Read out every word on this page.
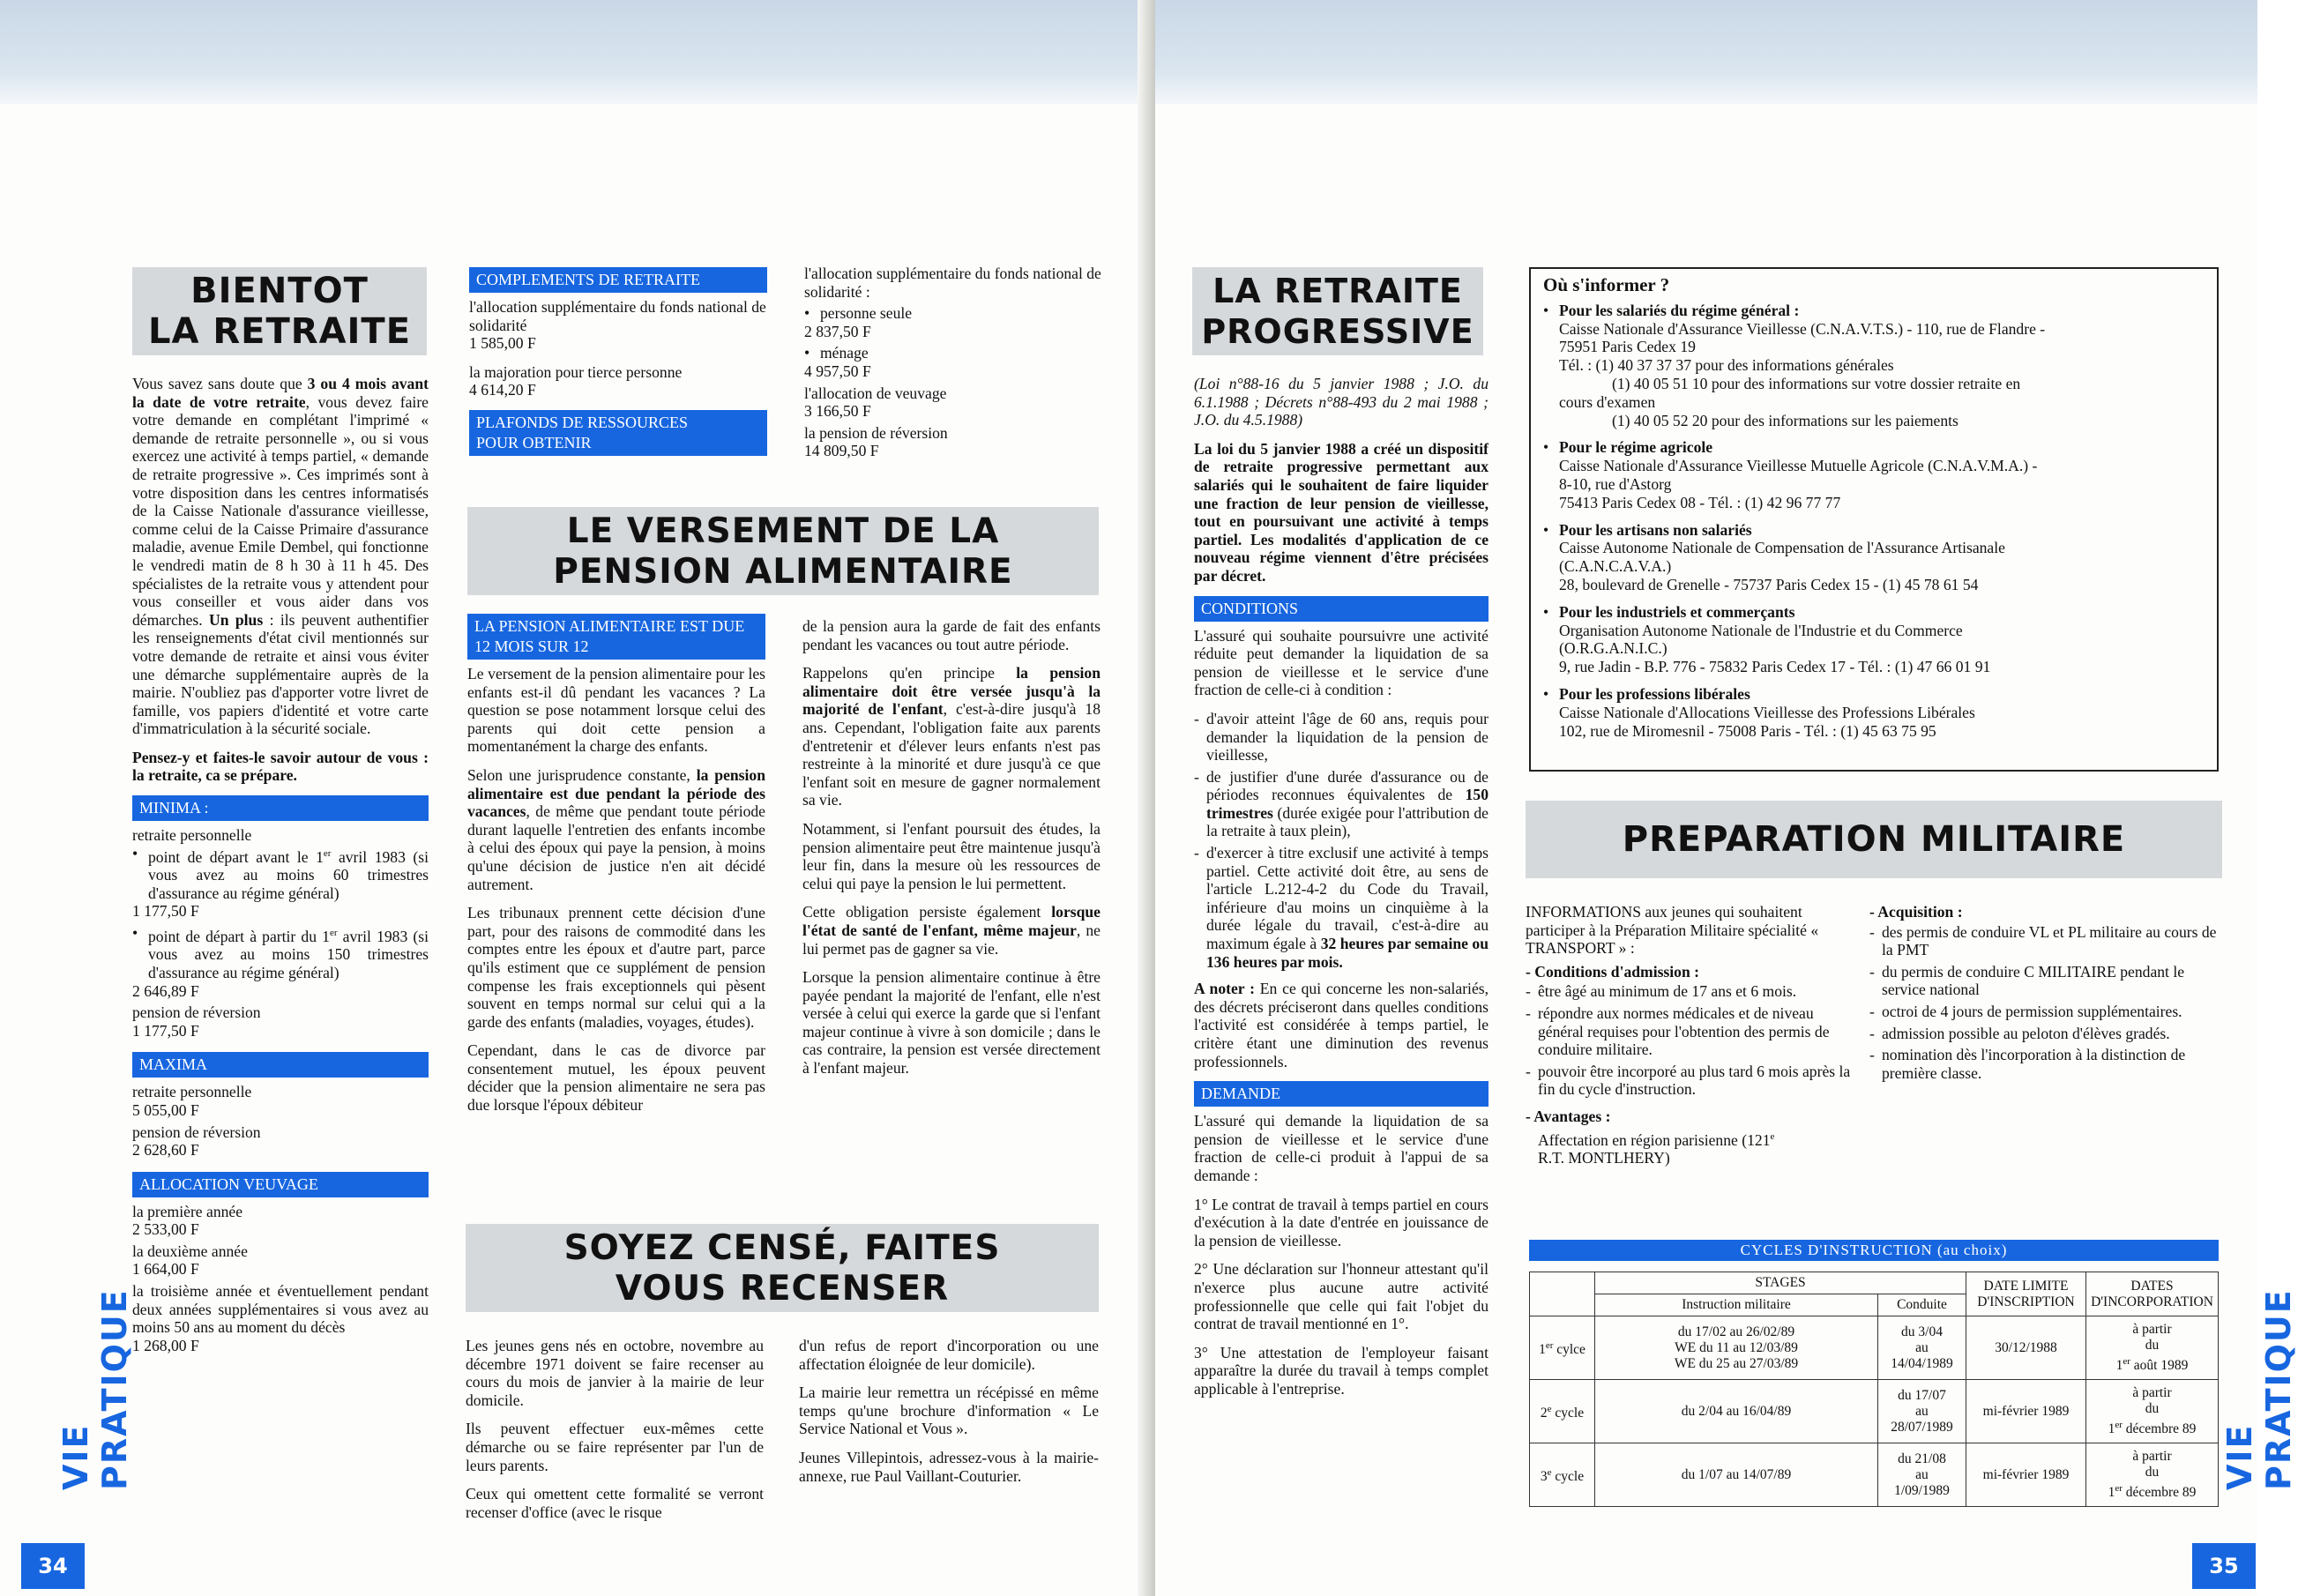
BIENTOT
LA RETRAITE

Vous savez sans doute que 3 ou 4 mois avant la date de votre retraite, vous devez faire votre demande en complétant l'imprimé « demande de retraite personnelle », ou si vous exercez une activité à temps partiel, « demande de retraite progressive ». Ces imprimés sont à votre disposition dans les centres informatisés de la Caisse Nationale d'assurance vieillesse, comme celui de la Caisse Primaire d'assurance maladie, avenue Emile Dembel, qui fonctionne le vendredi matin de 8 h 30 à 11 h 45. Des spécialistes de la retraite vous y attendent pour vous conseiller et vous aider dans vos démarches. Un plus : ils peuvent authentifier les renseignements d'état civil mentionnés sur votre demande de retraite et ainsi vous éviter une démarche supplémentaire auprès de la mairie. N'oubliez pas d'apporter votre livret de famille, vos papiers d'identité et votre carte d'immatriculation à la sécurité sociale.

Pensez-y et faites-le savoir autour de vous : la retraite, ca se prépare.

MINIMA :
retraite personnelle
• point de départ avant le 1er avril 1983 (si vous avez au moins 60 trimestres d'assurance au régime général)
1 177,50 F
• point de départ à partir du 1er avril 1983 (si vous avez au moins 150 trimestres d'assurance au régime général)
2 646,89 F
pension de réversion
1 177,50 F
MAXIMA
retraite personnelle
5 055,00 F
pension de réversion
2 628,60 F
ALLOCATION VEUVAGE
la première année
2 533,00 F
la deuxième année
1 664,00 F
la troisième année et éventuellement pendant deux années supplémentaires si vous avez au moins 50 ans au moment du décès
1 268,00 F
COMPLEMENTS DE RETRAITE

l'allocation supplémentaire du fonds national de solidarité
1 585,00 F

la majoration pour tierce personne
4 614,20 F

PLAFONDS DE RESSOURCES
POUR OBTENIR
l'allocation supplémentaire du fonds national de solidarité :
• personne seule
2 837,50 F
• ménage
4 957,50 F
l'allocation de veuvage
3 166,50 F
la pension de réversion
14 809,50 F
LE VERSEMENT DE LA
PENSION ALIMENTAIRE
LA PENSION ALIMENTAIRE EST DUE
12 MOIS SUR 12

Le versement de la pension alimentaire pour les enfants est-il dû pendant les vacances ? La question se pose notamment lorsque celui des parents qui doit cette pension a momentanément la charge des enfants.

Selon une jurisprudence constante, la pension alimentaire est due pendant la période des vacances, de même que pendant toute période durant laquelle l'entretien des enfants incombe à celui des époux qui paye la pension, à moins qu'une décision de justice n'en ait décidé autrement.

Les tribunaux prennent cette décision d'une part, pour des raisons de commodité dans les comptes entre les époux et d'autre part, parce qu'ils estiment que ce supplément de pension compense les frais exceptionnels qui pèsent souvent en temps normal sur celui qui a la garde des enfants (maladies, voyages, études).

Cependant, dans le cas de divorce par consentement mutuel, les époux peuvent décider que la pension alimentaire ne sera pas due lorsque l'époux débiteur

de la pension aura la garde de fait des enfants pendant les vacances ou tout autre période.

Rappelons qu'en principe la pension alimentaire doit être versée jusqu'à la majorité de l'enfant, c'est-à-dire jusqu'à 18 ans. Cependant, l'obligation faite aux parents d'entretenir et d'élever leurs enfants n'est pas restreinte à la minorité et dure jusqu'à ce que l'enfant soit en mesure de gagner normalement sa vie.

Notamment, si l'enfant poursuit des études, la pension alimentaire peut être maintenue jusqu'à leur fin, dans la mesure où les ressources de celui qui paye la pension le lui permettent.

Cette obligation persiste également lorsque l'état de santé de l'enfant, même majeur, ne lui permet pas de gagner sa vie.

Lorsque la pension alimentaire continue à être payée pendant la majorité de l'enfant, elle n'est versée à celui qui exerce la garde que si l'enfant majeur continue à vivre à son domicile ; dans le cas contraire, la pension est versée directement à l'enfant majeur.

SOYEZ CENSÉ, FAITES
VOUS RECENSER

Les jeunes gens nés en octobre, novembre au décembre 1971 doivent se faire recenser au cours du mois de janvier à la mairie de leur domicile.

Ils peuvent effectuer eux-mêmes cette démarche ou se faire représenter par l'un de leurs parents.

Ceux qui omettent cette formalité se verront recenser d'office (avec le risque

d'un refus de report d'incorporation ou une affectation éloignée de leur domicile).

La mairie leur remettra un récépissé en même temps qu'une brochure d'information « Le Service National et Vous ».

Jeunes Villepintois, adressez-vous à la mairie-annexe, rue Paul Vaillant-Couturier.

VIE PRATIQUE
34
LA RETRAITE
PROGRESSIVE

(Loi n°88-16 du 5 janvier 1988 ; J.O. du 6.1.1988 ; Décrets n°88-493 du 2 mai 1988 ; J.O. du 4.5.1988)

La loi du 5 janvier 1988 a créé un dispositif de retraite progressive permettant aux salariés qui le souhaitent de faire liquider une fraction de leur pension de vieillesse, tout en poursuivant une activité à temps partiel. Les modalités d'application de ce nouveau régime viennent d'être précisées par décret.

CONDITIONS

L'assuré qui souhaite poursuivre une activité réduite peut demander la liquidation de sa pension de vieillesse et le service d'une fraction de celle-ci à condition :

- d'avoir atteint l'âge de 60 ans, requis pour demander la liquidation de la pension de vieillesse,
- de justifier d'une durée d'assurance ou de périodes reconnues équivalentes de 150 trimestres (durée exigée pour l'attribution de la retraite à taux plein),
- d'exercer à titre exclusif une activité à temps partiel. Cette activité doit être, au sens de l'article L.212-4-2 du Code du Travail, inférieure d'au moins un cinquième à la durée légale du travail, c'est-à-dire au maximum égale à 32 heures par semaine ou 136 heures par mois.

A noter : En ce qui concerne les non-salariés, des décrets préciseront dans quelles conditions l'activité est considérée à temps partiel, le critère étant une diminution des revenus professionnels.

DEMANDE

L'assuré qui demande la liquidation de sa pension de vieillesse et le service d'une fraction de celle-ci produit à l'appui de sa demande :

1° Le contrat de travail à temps partiel en cours d'exécution à la date d'entrée en jouissance de la pension de vieillesse.

2° Une déclaration sur l'honneur attestant qu'il n'exerce plus aucune autre activité professionnelle que celle qui fait l'objet du contrat de travail mentionné en 1°.

3° Une attestation de l'employeur faisant apparaître la durée du travail à temps complet applicable à l'entreprise.

Où s'informer ?
• Pour les salariés du régime général :
Caisse Nationale d'Assurance Vieillesse (C.N.A.V.T.S.) - 110, rue de Flandre -
75951 Paris Cedex 19
Tél. : (1) 40 37 37 37 pour des informations générales
(1) 40 05 51 10 pour des informations sur votre dossier retraite en
cours d'examen
(1) 40 05 52 20 pour des informations sur les paiements
• Pour le régime agricole
Caisse Nationale d'Assurance Vieillesse Mutuelle Agricole (C.N.A.V.M.A.) -
8-10, rue d'Astorg
75413 Paris Cedex 08 - Tél. : (1) 42 96 77 77
• Pour les artisans non salariés
Caisse Autonome Nationale de Compensation de l'Assurance Artisanale
(C.A.N.C.A.V.A.)
28, boulevard de Grenelle - 75737 Paris Cedex 15 - (1) 45 78 61 54
• Pour les industriels et commerçants
Organisation Autonome Nationale de l'Industrie et du Commerce
(O.R.G.A.N.I.C.)
9, rue Jadin - B.P. 776 - 75832 Paris Cedex 17 - Tél. : (1) 47 66 01 91
• Pour les professions libérales
Caisse Nationale d'Allocations Vieillesse des Professions Libérales
102, rue de Miromesnil - 75008 Paris - Tél. : (1) 45 63 75 95
PREPARATION MILITAIRE

INFORMATIONS aux jeunes qui souhaitent participer à la Préparation Militaire spécialité « TRANSPORT » :

- Conditions d'admission :
- être âgé au minimum de 17 ans et 6 mois.
- répondre aux normes médicales et de niveau général requises pour l'obtention des permis de conduire militaire.
- pouvoir être incorporé au plus tard 6 mois après la fin du cycle d'instruction.
- Avantages :
Affectation en région parisienne (121e
R.T. MONTLHERY)
- Acquisition :
- des permis de conduire VL et PL militaire au cours de la PMT
- du permis de conduire C MILITAIRE pendant le service national
- octroi de 4 jours de permission supplémentaires.
- admission possible au peloton d'élèves gradés.
- nomination dès l'incorporation à la distinction de première classe.
CYCLES D'INSTRUCTION (au choix)
	STAGES		DATE LIMITE D'INSCRIPTION	DATES D'INCORPORATION
	Instruction militaire	Conduite		
1er cylce	du 17/02 au 26/02/89
WE du 11 au 12/03/89
WE du 25 au 27/03/89	du 3/04
au
14/04/1989	30/12/1988	à partir
du
1er août 1989
2e cycle	du 2/04 au 16/04/89	du 17/07
au
28/07/1989	mi-février 1989	à partir
du
1er décembre 89
3e cycle	du 1/07 au 14/07/89	du 21/08
au
1/09/1989	mi-février 1989	à partir
du
1er décembre 89
VIE PRATIQUE
35
